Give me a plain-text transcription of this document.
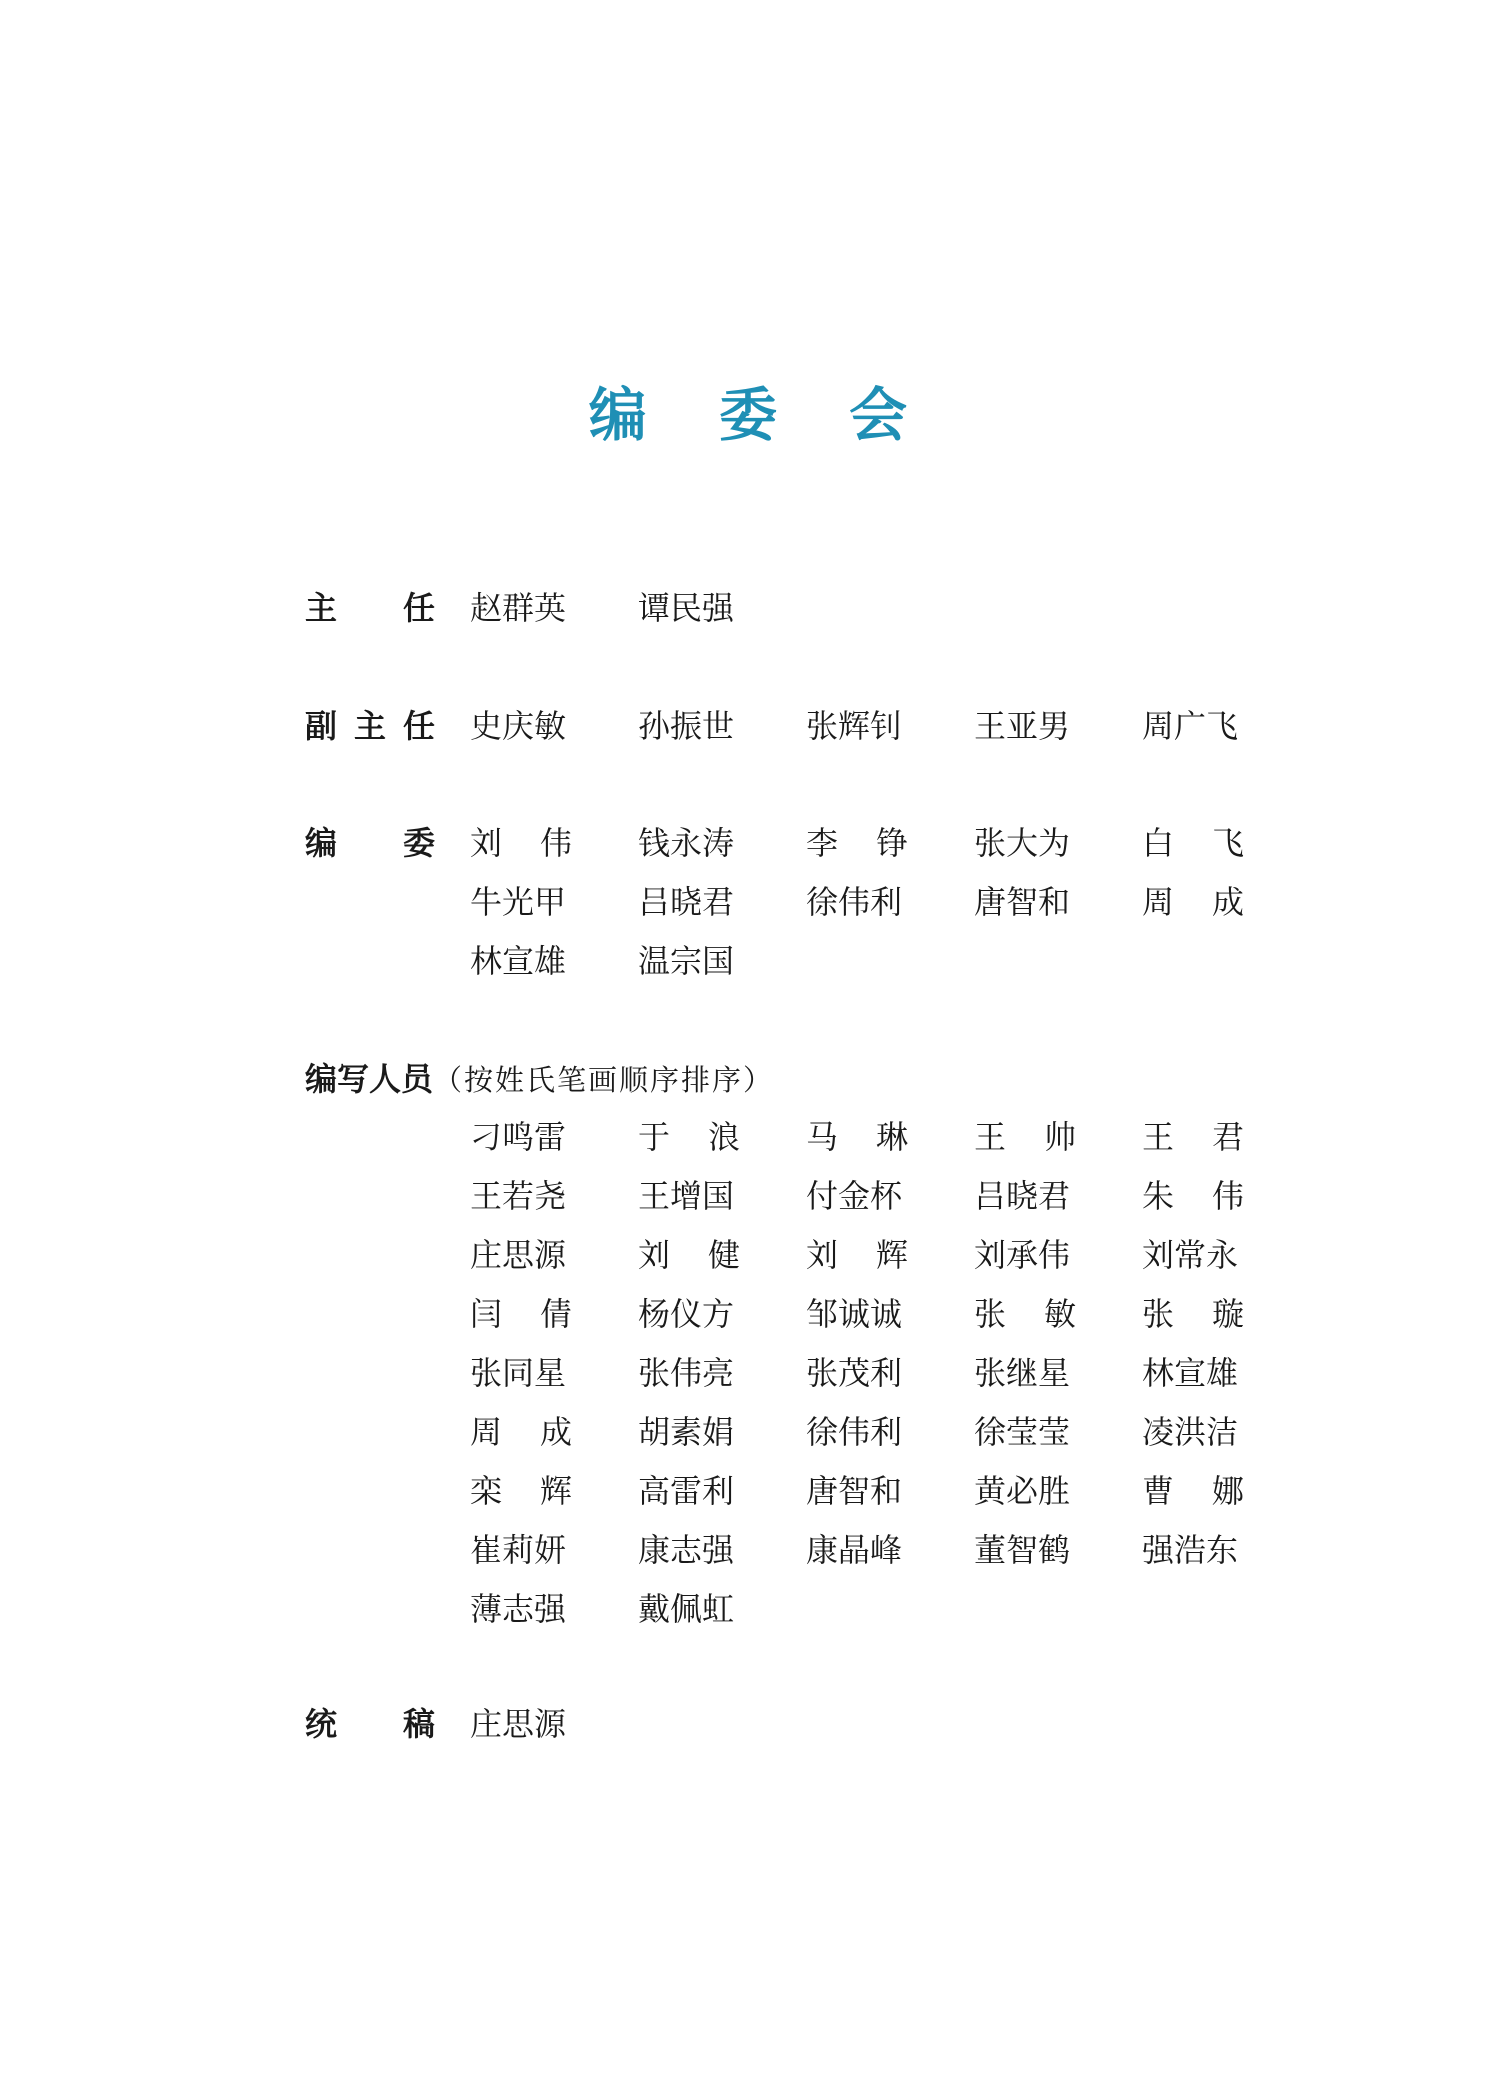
编 委 会
主 任 赵群英 谭民强
副 主 任 史庆敏 孙振世 张辉钊 王亚男 周广飞
编 委 刘 伟 钱永涛 李 铮 张大为 白 飞
牛光甲 吕晓君 徐伟利 唐智和 周 成
林宣雄 温宗国
编写人员（按姓氏笔画顺序排序）
刁鸣雷 于 浪 马 琳 王 帅 王 君
王若尧 王增国 付金杯 吕晓君 朱 伟
庄思源 刘 健 刘 辉 刘承伟 刘常永
闫 倩 杨仪方 邹诚诚 张 敏 张 璇
张同星 张伟亮 张茂利 张继星 林宣雄
周 成 胡素娟 徐伟利 徐莹莹 凌洪洁
栾 辉 高雷利 唐智和 黄必胜 曹 娜
崔莉妍 康志强 康晶峰 董智鹤 强浩东
薄志强 戴佩虹
统 稿 庄思源
